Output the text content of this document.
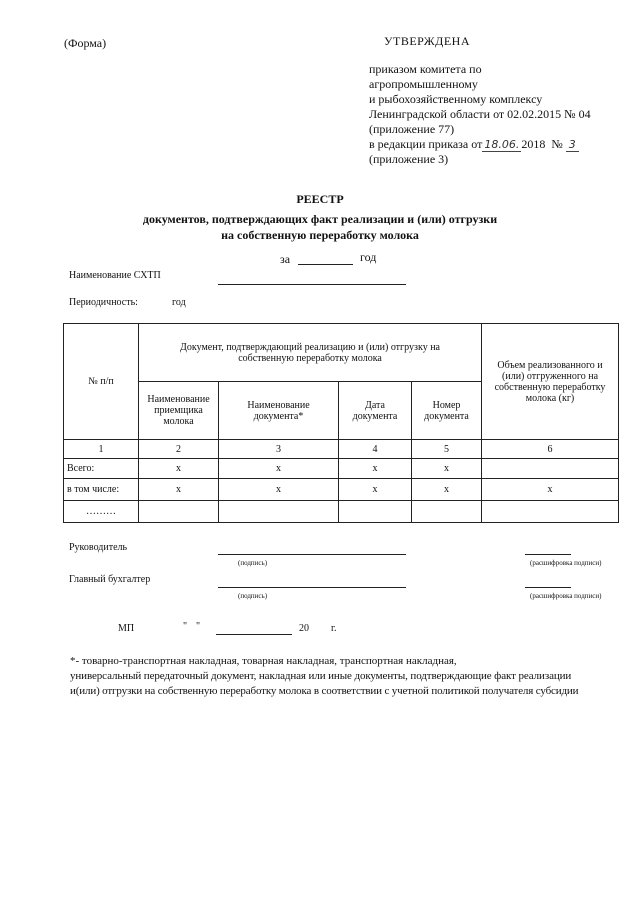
(Форма)	УТВЕРЖДЕНА
приказом комитета по
агропромышленному
и рыбохозяйственному комплексу
Ленинградской области от 02.02.2015 № 04
(приложение 77)
в редакции приказа от 18.06. 2018 № 3
(приложение 3)
РЕЕСТР
документов, подтверждающих факт реализации и (или) отгрузки
на собственную переработку молока
за	год
Наименование СХТП
Периодичность:	год
№ п/п	Документ, подтверждающий реализацию и (или) отгрузку на собственную переработку молока				Объем реализованного и (или) отгруженного на собственную переработку молока (кг)
	Наименование приемщика молока	Наименование документа*	Дата документа	Номер документа	
1	2	3	4	5	6
Всего:	x	x	x	x	
в том числе:	x	x	x	x	x
………					
Руководитель
(подпись)	(расшифровка подписи)
Главный бухгалтер
(подпись)	(расшифровка подписи)
МП	" "	20 г.
*- товарно-транспортная накладная, товарная накладная, транспортная накладная,
универсальный передаточный документ, накладная или иные документы, подтверждающие факт реализации
и(или) отгрузки на собственную переработку молока в соответствии с учетной политикой получателя субсидии
